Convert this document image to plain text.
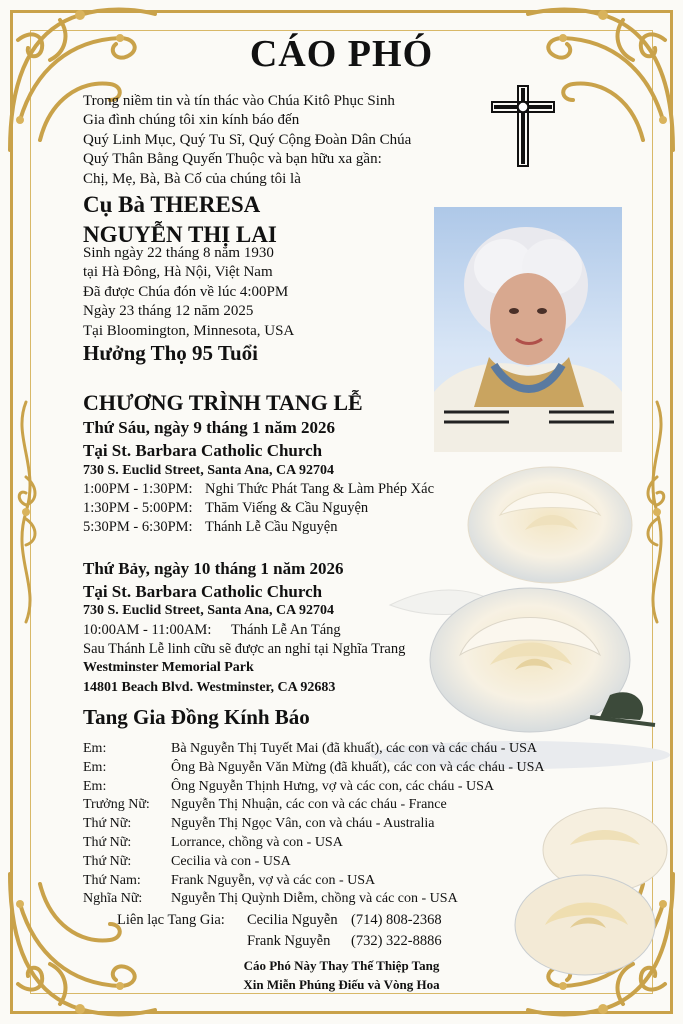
CÁO PHÓ
Trong niềm tin và tín thác vào Chúa Kitô Phục Sinh
Gia đình chúng tôi xin kính báo đến
Quý Linh Mục, Quý Tu Sĩ, Quý Cộng Đoàn Dân Chúa
Quý Thân Bằng Quyến Thuộc và bạn hữu xa gần:
Chị, Mẹ, Bà, Bà Cố của chúng tôi là
Cụ Bà THERESA
NGUYỄN THỊ LAI
Sinh ngày 22 tháng 8 năm 1930
tại Hà Đông, Hà Nội, Việt Nam
Đã được Chúa đón về lúc 4:00PM
Ngày 23 tháng 12 năm 2025
Tại Bloomington, Minnesota, USA
Hưởng Thọ 95 Tuổi
CHƯƠNG TRÌNH TANG LỄ
Thứ Sáu, ngày 9 tháng 1 năm 2026
Tại St. Barbara Catholic Church
730 S. Euclid Street, Santa Ana, CA 92704
1:00PM - 1:30PM: Nghi Thức Phát Tang & Làm Phép Xác
1:30PM - 5:00PM: Thăm Viếng & Cầu Nguyện
5:30PM - 6:30PM: Thánh Lễ Cầu Nguyện
Thứ Bảy, ngày 10 tháng 1 năm 2026
Tại St. Barbara Catholic Church
730 S. Euclid Street, Santa Ana, CA 92704
10:00AM - 11:00AM: Thánh Lễ An Táng
Sau Thánh Lễ linh cữu sẽ được an nghỉ tại Nghĩa Trang
Westminster Memorial Park
14801 Beach Blvd. Westminster, CA 92683
Tang Gia Đồng Kính Báo
Em:	Bà Nguyễn Thị Tuyết Mai (đã khuất), các con và các cháu - USA
Em:	Ông Bà Nguyễn Văn Mừng (đã khuất), các con và các cháu - USA
Em:	Ông Nguyễn Thịnh Hưng, vợ và các con, các cháu - USA
Trưởng Nữ: Nguyễn Thị Nhuận, các con và các cháu - France
Thứ Nữ:	Nguyễn Thị Ngọc Vân, con và cháu - Australia
Thứ Nữ:	Lorrance, chồng và con - USA
Thứ Nữ:	Cecilia và con - USA
Thứ Nam: Frank Nguyễn, vợ và các con - USA
Nghĩa Nữ: Nguyễn Thị Quỳnh Diễm, chồng và các con - USA
Liên lạc Tang Gia: Cecilia Nguyễn (714) 808-2368
Frank Nguyễn (732) 322-8886
Cáo Phó Này Thay Thế Thiệp Tang
Xin Miễn Phúng Điếu và Vòng Hoa
